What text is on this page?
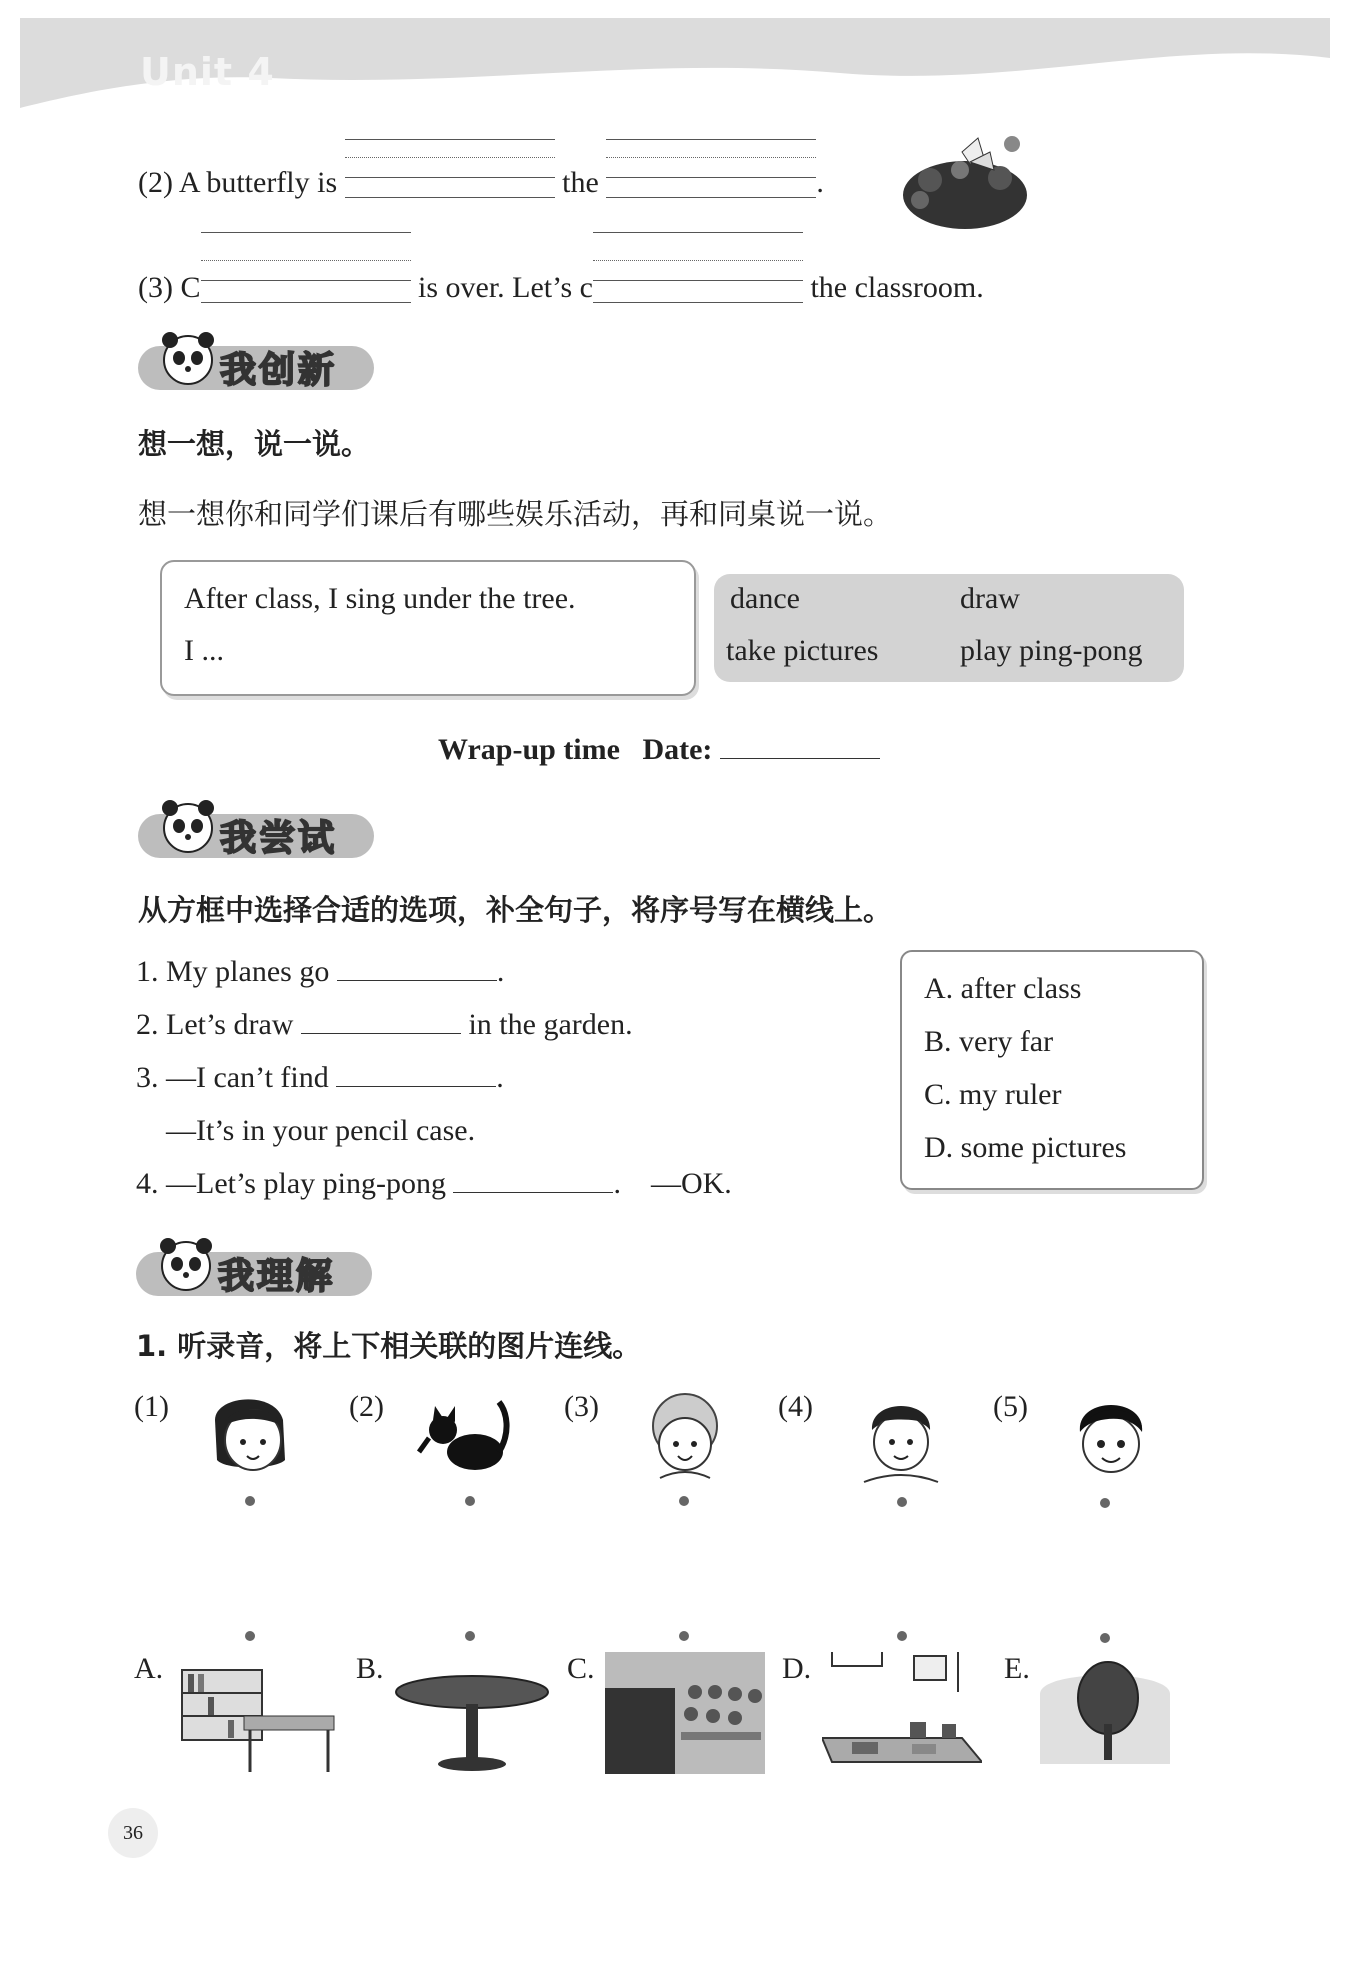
Unit 4
(2) A butterfly is	the	.
(3) C	is over. Let’s c	the classroom.
我创新
想一想，说一说。
想一想你和同学们课后有哪些娱乐活动，再和同桌说一说。
After class, I sing under the tree.
I ...
dance	draw
take pictures	play ping-pong
Wrap-up time Date:
我尝试
从方框中选择合适的选项，补全句子，将序号写在横线上。
1. My planes go	.
2. Let’s draw	in the garden.
3. —I can’t find	.
—It’s in your pencil case.
4. —Let’s play ping-pong	. —OK.
A. after class
B. very far
C. my ruler
D. some pictures
我理解
1. 听录音，将上下相关联的图片连线。
(1)	(2)	(3)	(4)	(5)
A.	B.	C.	D.	E.
36
